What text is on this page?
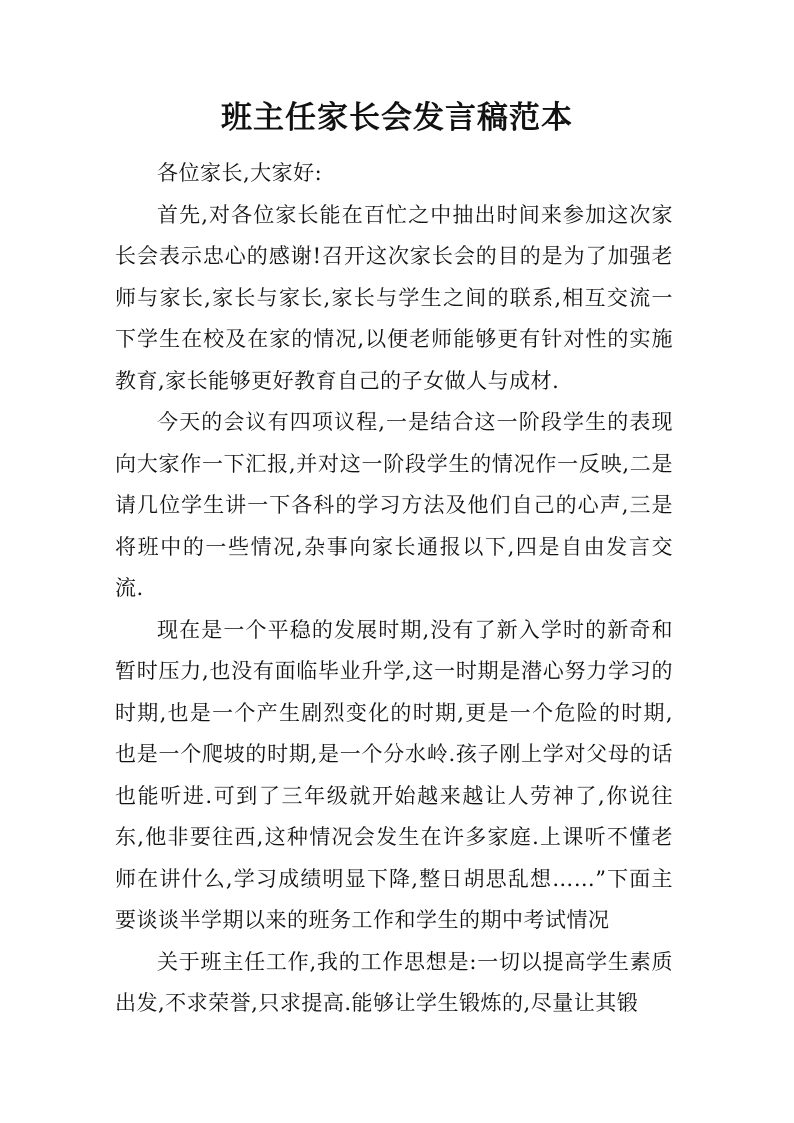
班主任家长会发言稿范本

各位家长,大家好:

首先,对各位家长能在百忙之中抽出时间来参加这次家长会表示忠心的感谢!召开这次家长会的目的是为了加强老师与家长,家长与家长,家长与学生之间的联系,相互交流一下学生在校及在家的情况,以便老师能够更有针对性的实施教育,家长能够更好教育自己的子女做人与成材.

今天的会议有四项议程,一是结合这一阶段学生的表现向大家作一下汇报,并对这一阶段学生的情况作一反映,二是请几位学生讲一下各科的学习方法及他们自己的心声,三是将班中的一些情况,杂事向家长通报以下,四是自由发言交流.

现在是一个平稳的发展时期,没有了新入学时的新奇和暂时压力,也没有面临毕业升学,这一时期是潜心努力学习的时期,也是一个产生剧烈变化的时期,更是一个危险的时期,也是一个爬坡的时期,是一个分水岭.孩子刚上学对父母的话也能听进.可到了三年级就开始越来越让人劳神了,你说往东,他非要往西,这种情况会发生在许多家庭.上课听不懂老师在讲什么,学习成绩明显下降,整日胡思乱想……”下面主要谈谈半学期以来的班务工作和学生的期中考试情况

关于班主任工作,我的工作思想是:一切以提高学生素质出发,不求荣誉,只求提高.能够让学生锻炼的,尽量让其锻
